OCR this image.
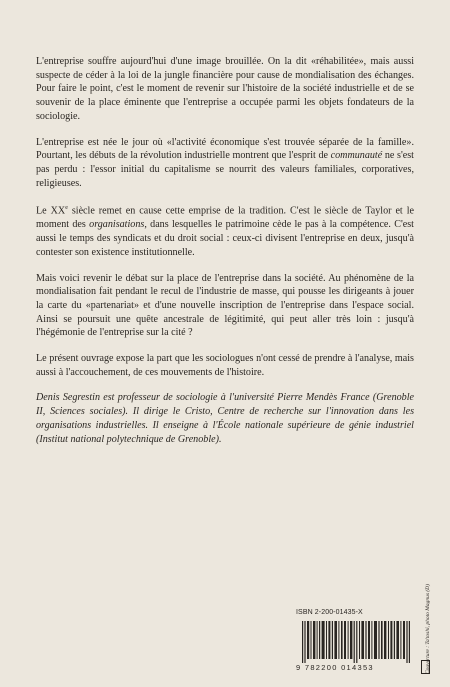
L'entreprise souffre aujourd'hui d'une image brouillée. On la dit «réhabilitée», mais aussi suspecte de céder à la loi de la jungle financière pour cause de mondialisation des échanges. Pour faire le point, c'est le moment de revenir sur l'histoire de la société industrielle et de se souvenir de la place éminente que l'entreprise a occupée parmi les objets fondateurs de la sociologie.

L'entreprise est née le jour où «l'activité économique s'est trouvée séparée de la famille». Pourtant, les débuts de la révolution industrielle montrent que l'esprit de communauté ne s'est pas perdu : l'essor initial du capitalisme se nourrit des valeurs familiales, corporatives, religieuses.

Le XXe siècle remet en cause cette emprise de la tradition. C'est le siècle de Taylor et le moment des organisations, dans lesquelles le patrimoine cède le pas à la compétence. C'est aussi le temps des syndicats et du droit social : ceux-ci divisent l'entreprise en deux, jusqu'à contester son existence institutionnelle.

Mais voici revenir le débat sur la place de l'entreprise dans la société. Au phénomène de la mondialisation fait pendant le recul de l'industrie de masse, qui pousse les dirigeants à jouer la carte du «partenariat» et d'une nouvelle inscription de l'entreprise dans l'espace social. Ainsi se poursuit une quête ancestrale de légitimité, qui peut aller très loin : jusqu'à l'hégémonie de l'entreprise sur la cité ?

Le présent ouvrage expose la part que les sociologues n'ont cessé de prendre à l'analyse, mais aussi à l'accouchement, de ces mouvements de l'histoire.

Denis Segrestin est professeur de sociologie à l'université Pierre Mendès France (Grenoble II, Sciences sociales). Il dirige le Cristo, Centre de recherche sur l'innovation dans les organisations industrielles. Il enseigne à l'École nationale supérieure de génie industriel (Institut national polytechnique de Grenoble).

ISBN 2-200-01435-X
9 782200 014353	Couverture : Ta'toshi, photo Magnus (D)
